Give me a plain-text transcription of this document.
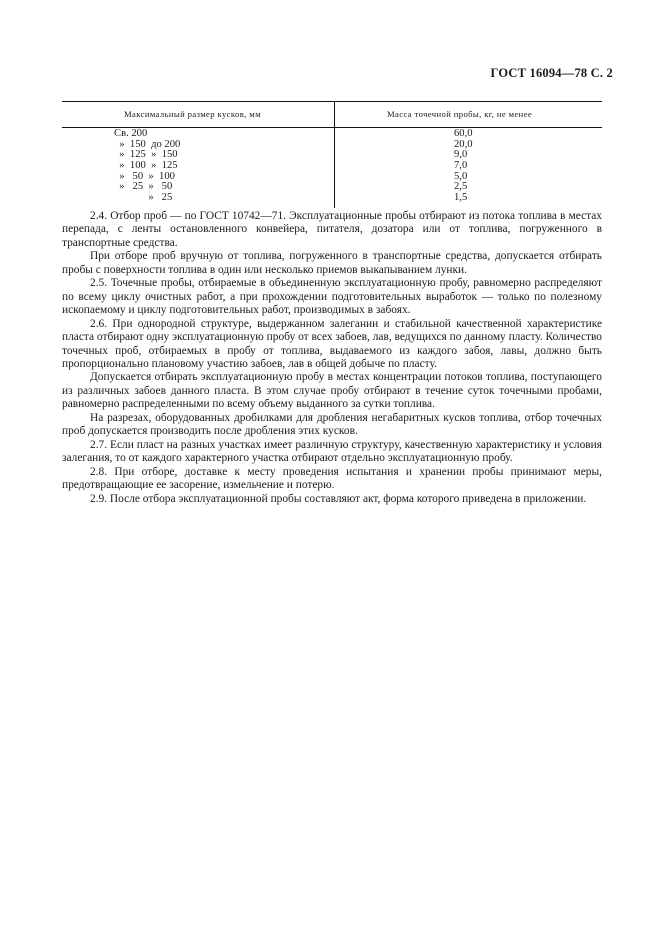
ГОСТ 16094—78 С. 2
Максимальный размер кусков, мм	Масса точечной пробы, кг, не менее
Св. 200
»  150  до 200
»  125  »  150
»  100  »  125
»   50  »  100
»   25  »   50
»   25
60,0
20,0
9,0
7,0
5,0
2,5
1,5

2.4. Отбор проб — по ГОСТ 10742—71. Эксплуатационные пробы отбирают из потока топлива в местах перепада, с ленты остановленного конвейера, питателя, дозатора или от топлива, погруженного в транспортные средства.

При отборе проб вручную от топлива, погруженного в транспортные средства, допускается отбирать пробы с поверхности топлива в один или несколько приемов выкапыванием лунки.

2.5. Точечные пробы, отбираемые в объединенную эксплуатационную пробу, равномерно распределяют по всему циклу очистных работ, а при прохождении подготовительных выработок — только по полезному ископаемому и циклу подготовительных работ, производимых в забоях.

2.6. При однородной структуре, выдержанном залегании и стабильной качественной характеристике пласта отбирают одну эксплуатационную пробу от всех забоев, лав, ведущихся по данному пласту. Количество точечных проб, отбираемых в пробу от топлива, выдаваемого из каждого забоя, лавы, должно быть пропорционально плановому участию забоев, лав в общей добыче по пласту.

Допускается отбирать эксплуатационную пробу в местах концентрации потоков топлива, поступающего из различных забоев данного пласта. В этом случае пробу отбирают в течение суток точечными пробами, равномерно распределенными по всему объему выданного за сутки топлива.

На разрезах, оборудованных дробилками для дробления негабаритных кусков топлива, отбор точечных проб допускается производить после дробления этих кусков.

2.7. Если пласт на разных участках имеет различную структуру, качественную характеристику и условия залегания, то от каждого характерного участка отбирают отдельно эксплуатационную пробу.

2.8. При отборе, доставке к месту проведения испытания и хранении пробы принимают меры, предотвращающие ее засорение, измельчение и потерю.

2.9. После отбора эксплуатационной пробы составляют акт, форма которого приведена в приложении.
